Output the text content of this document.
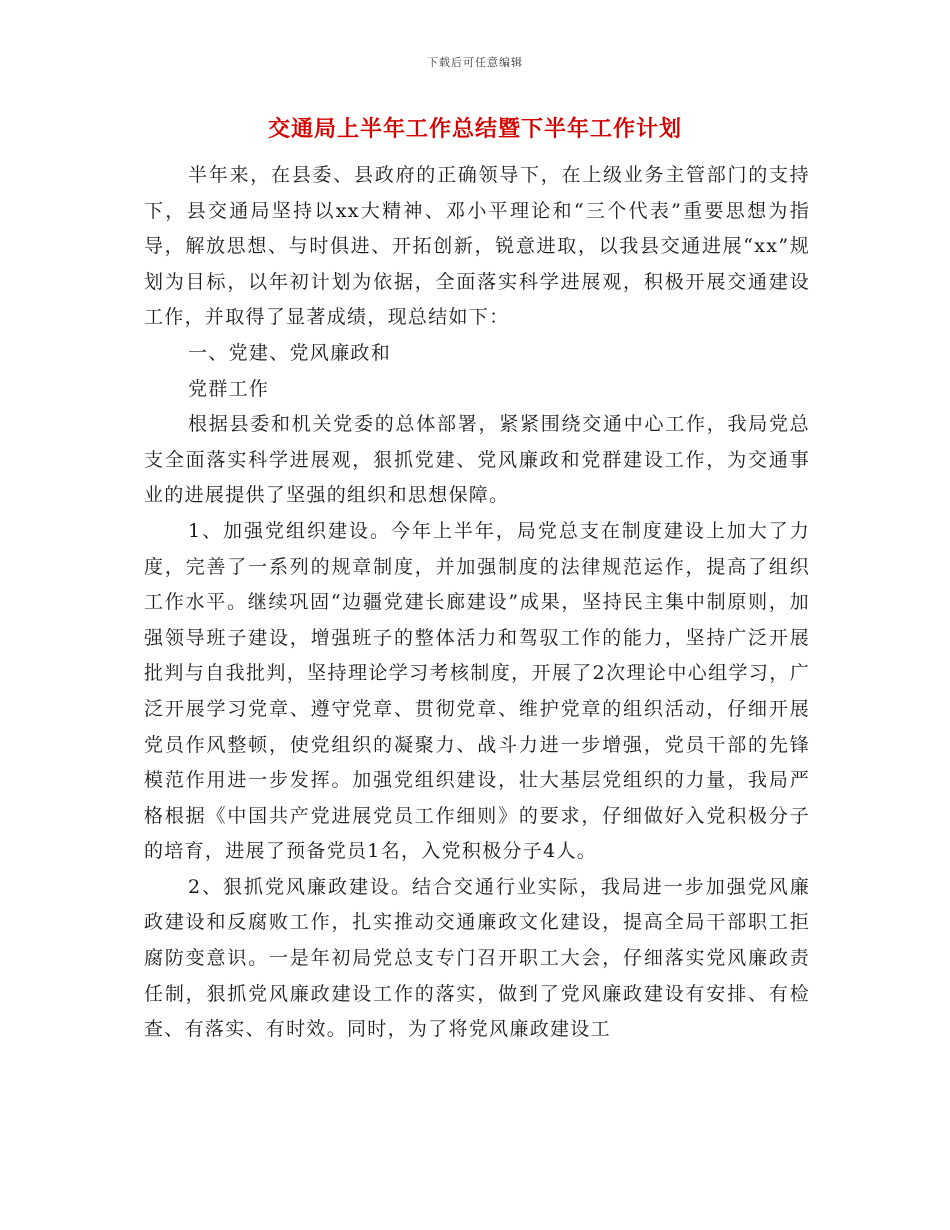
下载后可任意编辑
交通局上半年工作总结暨下半年工作计划

半年来，在县委、县政府的正确领导下，在上级业务主管部门的支持下，县交通局坚持以xx大精神、邓小平理论和“三个代表”重要思想为指导，解放思想、与时俱进、开拓创新，锐意进取，以我县交通进展“xx”规划为目标，以年初计划为依据，全面落实科学进展观，积极开展交通建设工作，并取得了显著成绩，现总结如下：

一、党建、党风廉政和

党群工作

根据县委和机关党委的总体部署，紧紧围绕交通中心工作，我局党总支全面落实科学进展观，狠抓党建、党风廉政和党群建设工作，为交通事业的进展提供了坚强的组织和思想保障。

1、加强党组织建设。今年上半年，局党总支在制度建设上加大了力度，完善了一系列的规章制度，并加强制度的法律规范运作，提高了组织工作水平。继续巩固“边疆党建长廊建设”成果，坚持民主集中制原则，加强领导班子建设，增强班子的整体活力和驾驭工作的能力，坚持广泛开展批判与自我批判，坚持理论学习考核制度，开展了2次理论中心组学习，广泛开展学习党章、遵守党章、贯彻党章、维护党章的组织活动，仔细开展党员作风整顿，使党组织的凝聚力、战斗力进一步增强，党员干部的先锋模范作用进一步发挥。加强党组织建设，壮大基层党组织的力量，我局严格根据《中国共产党进展党员工作细则》的要求，仔细做好入党积极分子的培育，进展了预备党员1名，入党积极分子4人。

2、狠抓党风廉政建设。结合交通行业实际，我局进一步加强党风廉政建设和反腐败工作，扎实推动交通廉政文化建设，提高全局干部职工拒腐防变意识。一是年初局党总支专门召开职工大会，仔细落实党风廉政责任制，狠抓党风廉政建设工作的落实，做到了党风廉政建设有安排、有检查、有落实、有时效。同时，为了将党风廉政建设工
